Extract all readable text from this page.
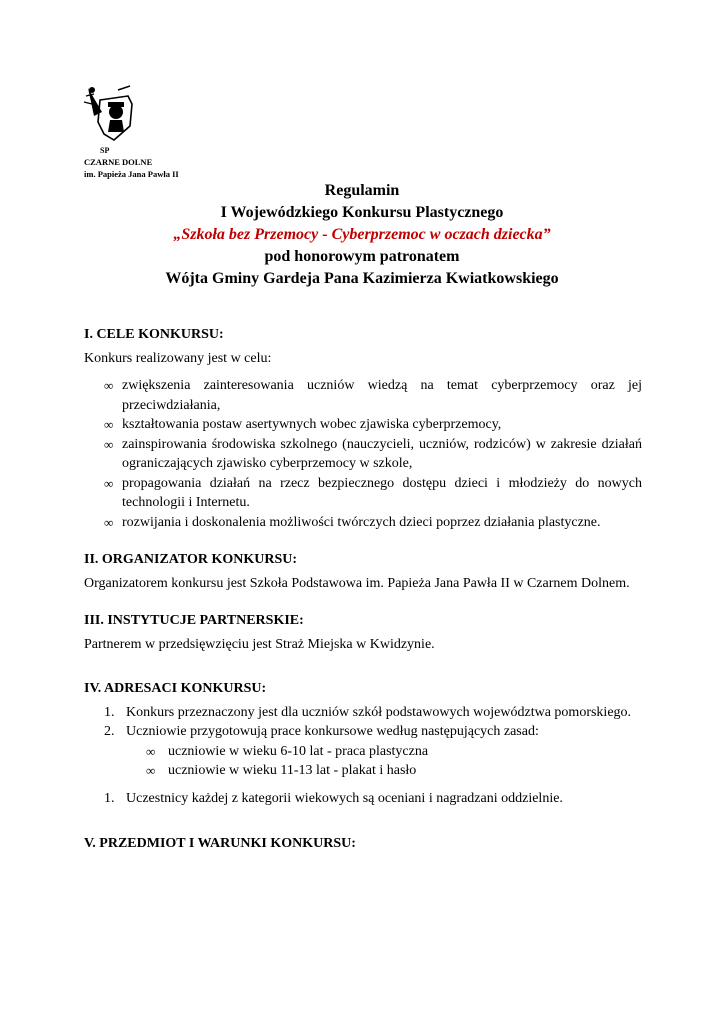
SP
CZARNE DOLNE
im. Papieża Jana Pawła II
Regulamin
I Wojewódzkiego Konkursu Plastycznego
„Szkoła bez Przemocy - Cyberprzemoc w oczach dziecka”
pod honorowym patronatem
Wójta Gminy Gardeja Pana Kazimierza Kwiatkowskiego

I. CELE KONKURSU:

Konkurs realizowany jest w celu:

∞ zwiększenia zainteresowania uczniów wiedzą na temat cyberprzemocy oraz jej przeciwdziałania,
∞ kształtowania postaw asertywnych wobec zjawiska cyberprzemocy,
∞ zainspirowania środowiska szkolnego (nauczycieli, uczniów, rodziców) w zakresie działań ograniczających zjawisko cyberprzemocy w szkole,
∞ propagowania działań na rzecz bezpiecznego dostępu dzieci i młodzieży do nowych technologii i Internetu.
∞ rozwijania i doskonalenia możliwości twórczych dzieci poprzez działania plastyczne.

II. ORGANIZATOR KONKURSU:

Organizatorem konkursu jest Szkoła Podstawowa im. Papieża Jana Pawła II w Czarnem Dolnem.

III. INSTYTUCJE PARTNERSKIE:

Partnerem w przedsięwzięciu jest Straż Miejska w Kwidzynie.

IV. ADRESACI KONKURSU:

1. Konkurs przeznaczony jest dla uczniów szkół podstawowych województwa pomorskiego.
2. Uczniowie przygotowują prace konkursowe według następujących zasad:
∞ uczniowie w wieku 6-10 lat - praca plastyczna
∞ uczniowie w wieku 11-13 lat - plakat i hasło
1. Uczestnicy każdej z kategorii wiekowych są oceniani i nagradzani oddzielnie.

V. PRZEDMIOT I WARUNKI KONKURSU:
